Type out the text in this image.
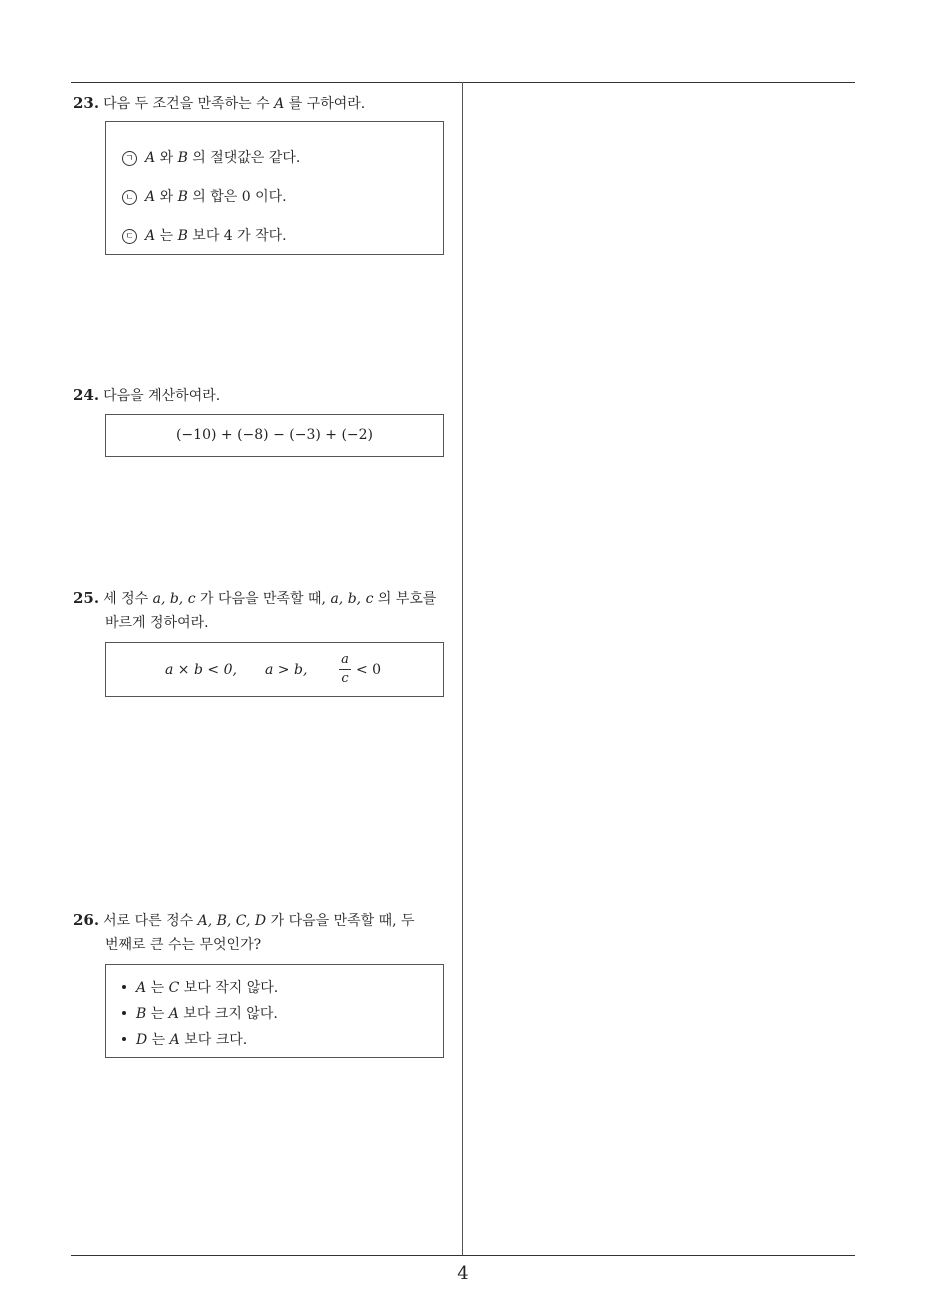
23. 다음 두 조건을 만족하는 수 A 를 구하여라.
ㄱ A 와 B 의 절댓값은 같다.
ㄴ A 와 B 의 합은 0 이다.
ㄷ A 는 B 보다 4 가 작다.
24. 다음을 계산하여라.
(−10) + (−8) − (−3) + (−2)
25. 세 정수 a, b, c 가 다음을 만족할 때, a, b, c 의 부호를
바르게 정하여라.
a × b < 0, a > b,
a
c
< 0
26. 서로 다른 정수 A, B, C, D 가 다음을 만족할 때, 두
번째로 큰 수는 무엇인가?
A 는 C 보다 작지 않다.
B 는 A 보다 크지 않다.
D 는 A 보다 크다.
4
